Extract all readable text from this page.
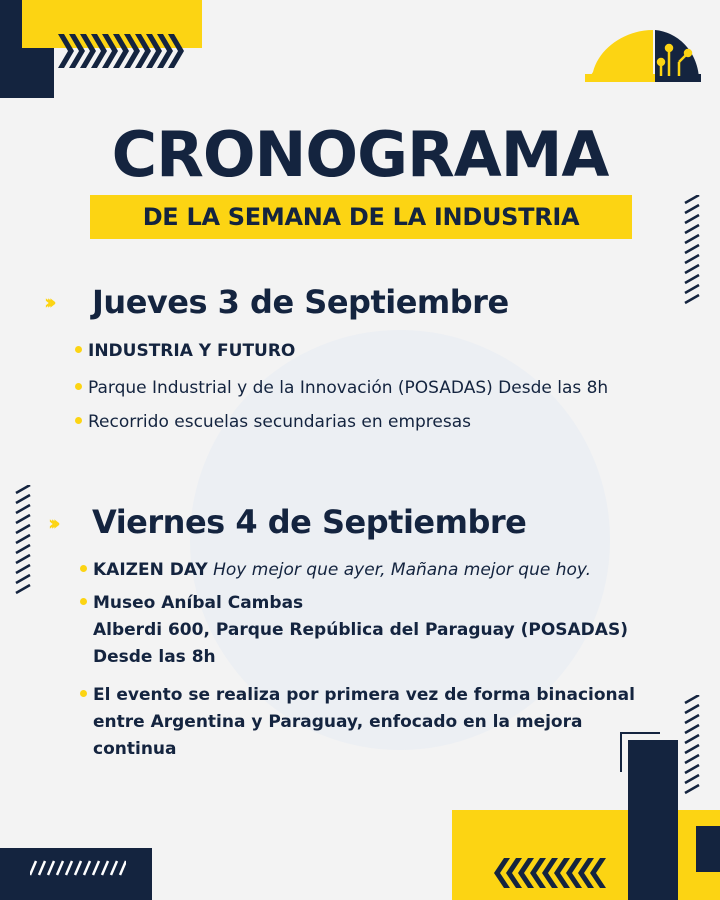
CRONOGRAMA
DE LA SEMANA DE LA INDUSTRIA
››› Jueves 3 de Septiembre
INDUSTRIA Y FUTURO
Parque Industrial y de la Innovación (POSADAS) Desde las 8h
Recorrido escuelas secundarias en empresas
››› Viernes 4 de Septiembre
KAIZEN DAY Hoy mejor que ayer, Mañana mejor que hoy.
Museo Aníbal Cambas
Alberdi 600, Parque República del Paraguay (POSADAS)
Desde las 8h
El evento se realiza por primera vez de forma binacional
entre Argentina y Paraguay, enfocado en la mejora
continua
